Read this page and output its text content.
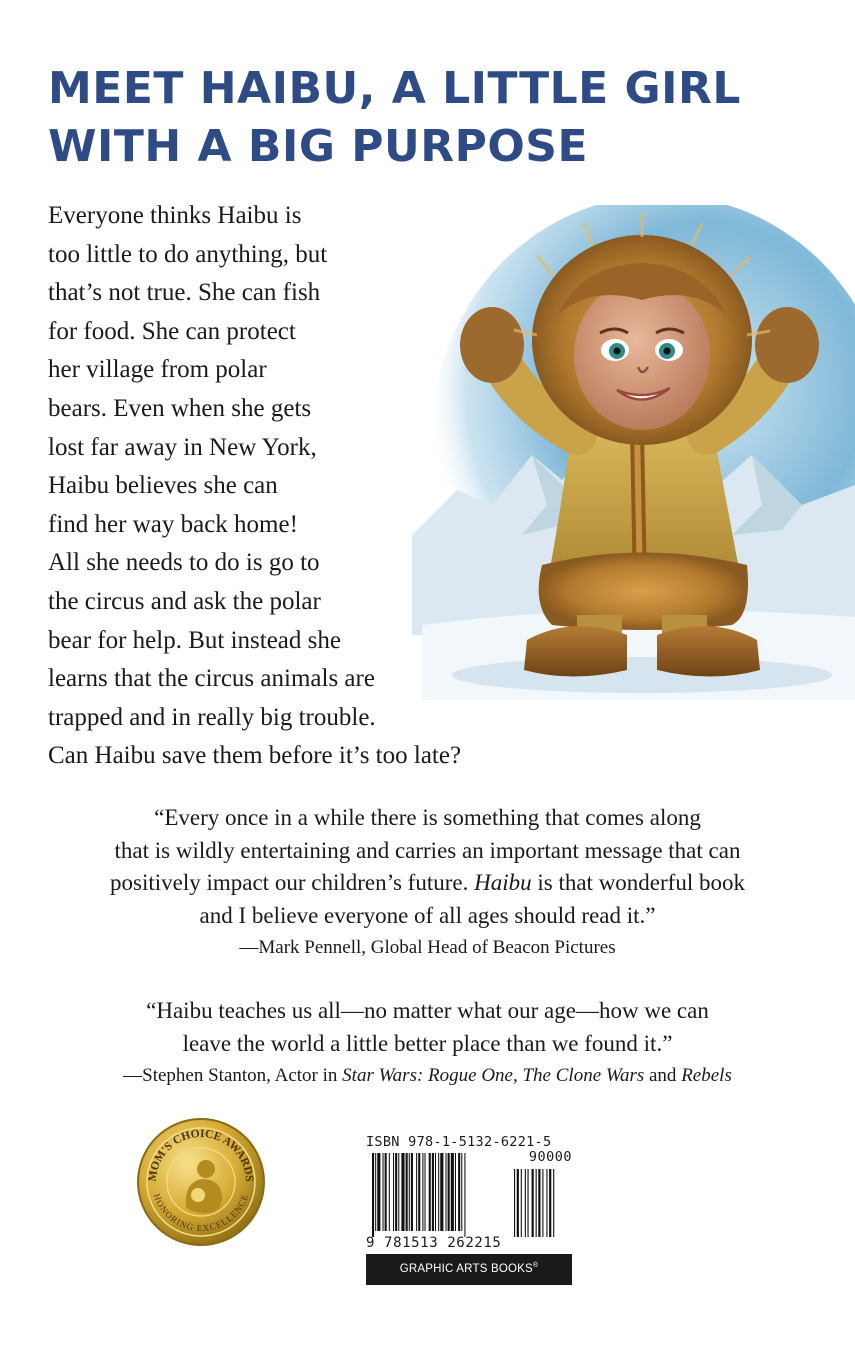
MEET HAIBU, A LITTLE GIRL
WITH A BIG PURPOSE

Everyone thinks Haibu is
too little to do anything, but
that’s not true. She can fish
for food. She can protect
her village from polar
bears. Even when she gets
lost far away in New York,
Haibu believes she can
find her way back home!
All she needs to do is go to
the circus and ask the polar
bear for help. But instead she
learns that the circus animals are
trapped and in really big trouble.
Can Haibu save them before it’s too late?

“Every once in a while there is something that comes along
that is wildly entertaining and carries an important message that can
positively impact our children’s future. Haibu is that wonderful book
and I believe everyone of all ages should read it.”
—Mark Pennell, Global Head of Beacon Pictures
“Haibu teaches us all—no matter what our age—how we can
leave the world a little better place than we found it.”
—Stephen Stanton, Actor in Star Wars: Rogue One, The Clone Wars and Rebels
MOM'S CHOICE AWARDS
HONORING EXCELLENCE
ISBN 978-1-5132-6221-5
90000
9 781513 262215
GRAPHIC ARTS BOOKS®
